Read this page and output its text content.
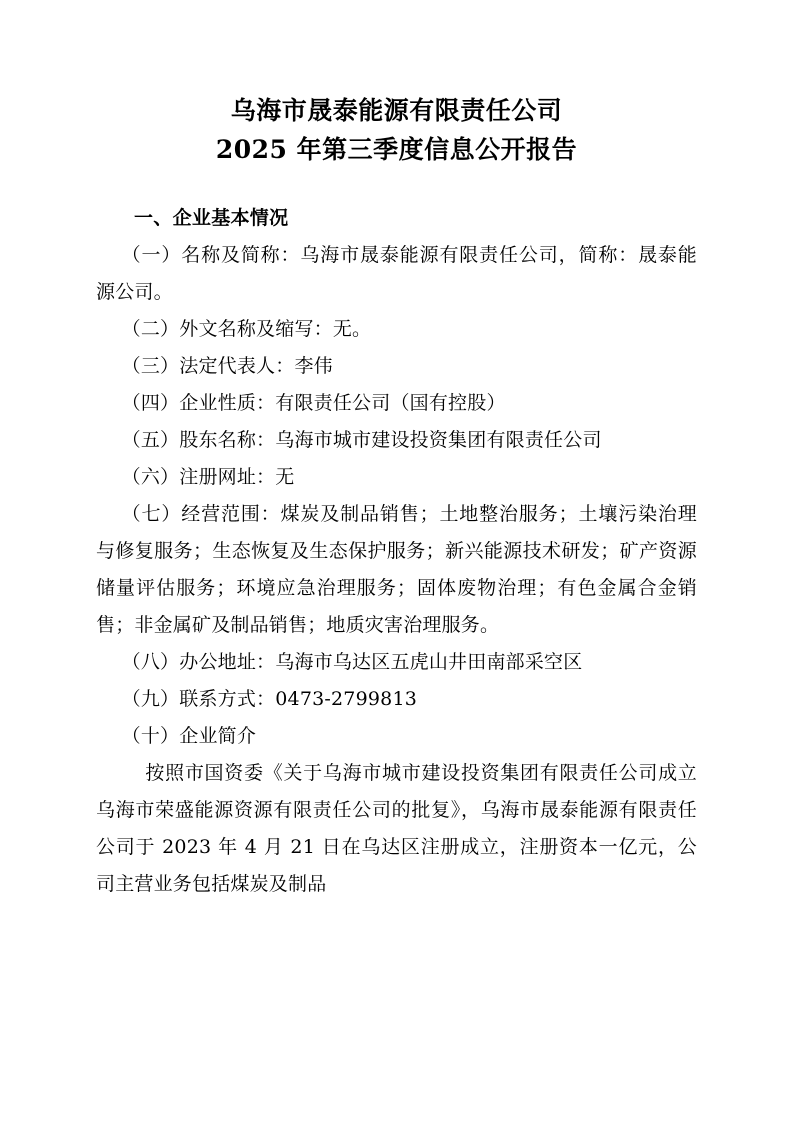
乌海市晟泰能源有限责任公司
2025 年第三季度信息公开报告

一、企业基本情况

（一）名称及简称：乌海市晟泰能源有限责任公司，简称：晟泰能源公司。

（二）外文名称及缩写：无。

（三）法定代表人：李伟

（四）企业性质：有限责任公司（国有控股）

（五）股东名称：乌海市城市建设投资集团有限责任公司

（六）注册网址：无

（七）经营范围：煤炭及制品销售；土地整治服务；土壤污染治理与修复服务；生态恢复及生态保护服务；新兴能源技术研发；矿产资源储量评估服务；环境应急治理服务；固体废物治理；有色金属合金销售；非金属矿及制品销售；地质灾害治理服务。

（八）办公地址：乌海市乌达区五虎山井田南部采空区

（九）联系方式：0473-2799813

（十）企业简介

按照市国资委《关于乌海市城市建设投资集团有限责任公司成立乌海市荣盛能源资源有限责任公司的批复》，乌海市晟泰能源有限责任公司于 2023 年 4 月 21 日在乌达区注册成立，注册资本一亿元，公司主营业务包括煤炭及制品
